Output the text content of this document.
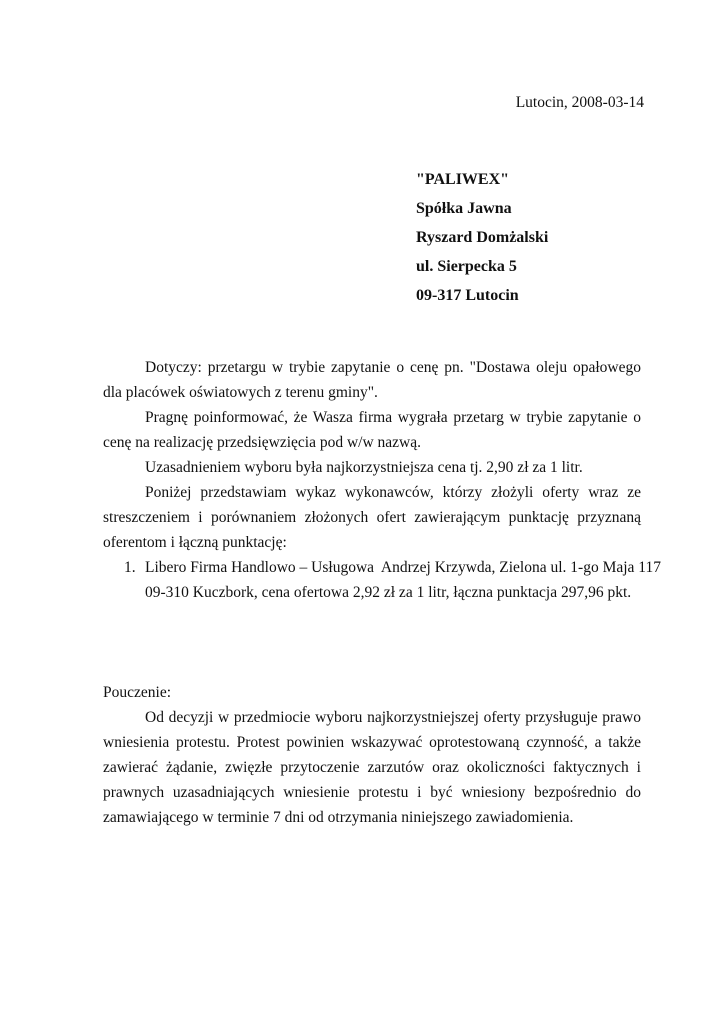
Lutocin, 2008-03-14
"PALIWEX"
Spółka Jawna
Ryszard Domżalski
ul. Sierpecka 5
09-317 Lutocin

Dotyczy: przetargu w trybie zapytanie o cenę pn. "Dostawa oleju opałowego dla placówek oświatowych z terenu gminy".

Pragnę poinformować, że Wasza firma wygrała przetarg w trybie zapytanie o cenę na realizację przedsięwzięcia pod w/w nazwą.

Uzasadnieniem wyboru była najkorzystniejsza cena tj. 2,90 zł za 1 litr.

Poniżej przedstawiam wykaz wykonawców, którzy złożyli oferty wraz ze streszczeniem i porównaniem złożonych ofert zawierającym punktację przyznaną oferentom i łączną punktację:

1. Libero Firma Handlowo – Usługowa  Andrzej Krzywda, Zielona ul. 1-go Maja 117
09-310 Kuczbork, cena ofertowa 2,92 zł za 1 litr, łączna punktacja 297,96 pkt.
Pouczenie:

Od decyzji w przedmiocie wyboru najkorzystniejszej oferty przysługuje prawo wniesienia protestu. Protest powinien wskazywać oprotestowaną czynność, a także zawierać żądanie, zwięzłe przytoczenie zarzutów oraz okoliczności faktycznych i prawnych uzasadniających wniesienie protestu i być wniesiony bezpośrednio do zamawiającego w terminie 7 dni od otrzymania niniejszego zawiadomienia.
